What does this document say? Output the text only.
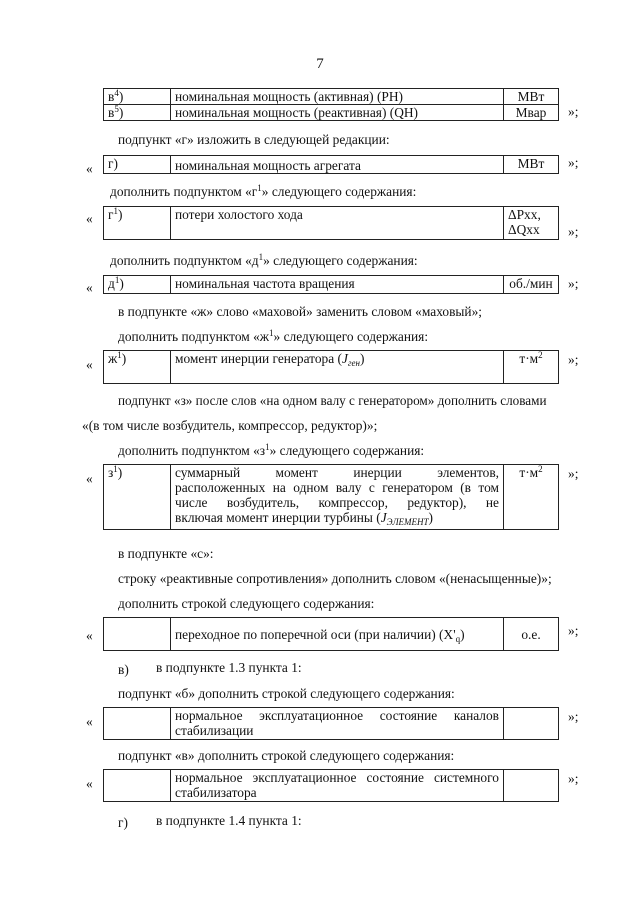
7
$в^4$)	номинальная мощность (активная) (PН)	МВт
$в^5$)	номинальная мощность (реактивная) (QН)	Мвар »;
подпункт «г» изложить в следующей редакции:
« г)	номинальная мощность агрегата	МВт »;
дополнить подпунктом «$г^1$» следующего содержания:
« $г^1$)	потери холостого хода	ΔPхх,
ΔQхх	»;
дополнить подпунктом «$д^1$» следующего содержания:
« $д^1$)	номинальная частота вращения	об./мин »;
в подпункте «ж» слово «маховой» заменить словом «маховый»;
дополнить подпунктом «$ж^1$» следующего содержания:
« $ж^1$)	момент инерции генератора $(J_{ген})$	$т\cdot м^2$ »;
подпункт «з» после слов «на одном валу с генератором» дополнить словами
«(в том числе возбудитель, компрессор, редуктор)»;
дополнить подпунктом «$з^1$» следующего содержания:
« $з^1$)	суммарный момент инерции элементов,
расположенных на одном валу с генератором (в том
числе возбудитель, компрессор, редуктор), не
включая момент инерции турбины $(J_{ЭЛЕМЕНТ})$
	$т\cdot м^2$ »;
в подпункте «с»:
строку «реактивные сопротивления» дополнить словом «(ненасыщенные)»;
дополнить строкой следующего содержания:
«
		переходное по поперечной оси (при наличии) $(X'_q)$	о.е. »;
в) в подпункте 1.3 пункта 1:
подпункт «б» дополнить строкой следующего содержания:
«
		нормальное эксплуатационное состояние каналов
стабилизации

»;
подпункт «в» дополнить строкой следующего содержания:
«
		нормальное эксплуатационное состояние системного
стабилизатора

»;
г) в подпункте 1.4 пункта 1:
